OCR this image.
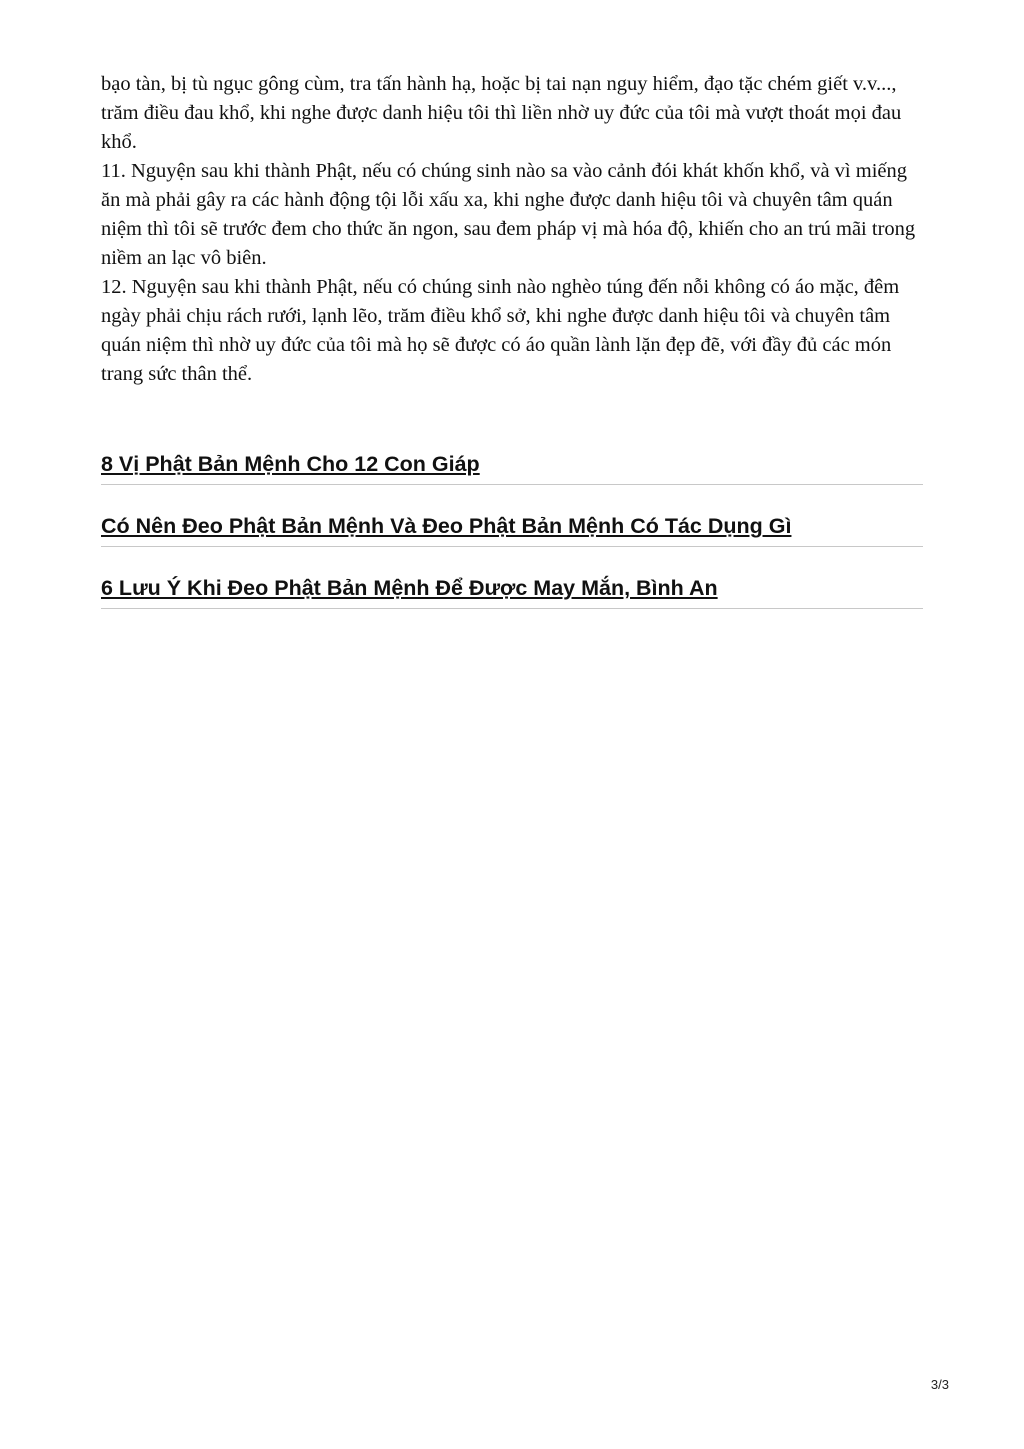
bạo tàn, bị tù ngục gông cùm, tra tấn hành hạ, hoặc bị tai nạn nguy hiểm, đạo tặc chém giết v.v..., trăm điều đau khổ, khi nghe được danh hiệu tôi thì liền nhờ uy đức của tôi mà vượt thoát mọi đau khổ.

11. Nguyện sau khi thành Phật, nếu có chúng sinh nào sa vào cảnh đói khát khốn khổ, và vì miếng ăn mà phải gây ra các hành động tội lỗi xấu xa, khi nghe được danh hiệu tôi và chuyên tâm quán niệm thì tôi sẽ trước đem cho thức ăn ngon, sau đem pháp vị mà hóa độ, khiến cho an trú mãi trong niềm an lạc vô biên.

12. Nguyện sau khi thành Phật, nếu có chúng sinh nào nghèo túng đến nỗi không có áo mặc, đêm ngày phải chịu rách rưới, lạnh lẽo, trăm điều khổ sở, khi nghe được danh hiệu tôi và chuyên tâm quán niệm thì nhờ uy đức của tôi mà họ sẽ được có áo quần lành lặn đẹp đẽ, với đầy đủ các món trang sức thân thể.

8 Vị Phật Bản Mệnh Cho 12 Con Giáp
Có Nên Đeo Phật Bản Mệnh Và Đeo Phật Bản Mệnh Có Tác Dụng Gì
6 Lưu Ý Khi Đeo Phật Bản Mệnh Để Được May Mắn, Bình An
3/3
